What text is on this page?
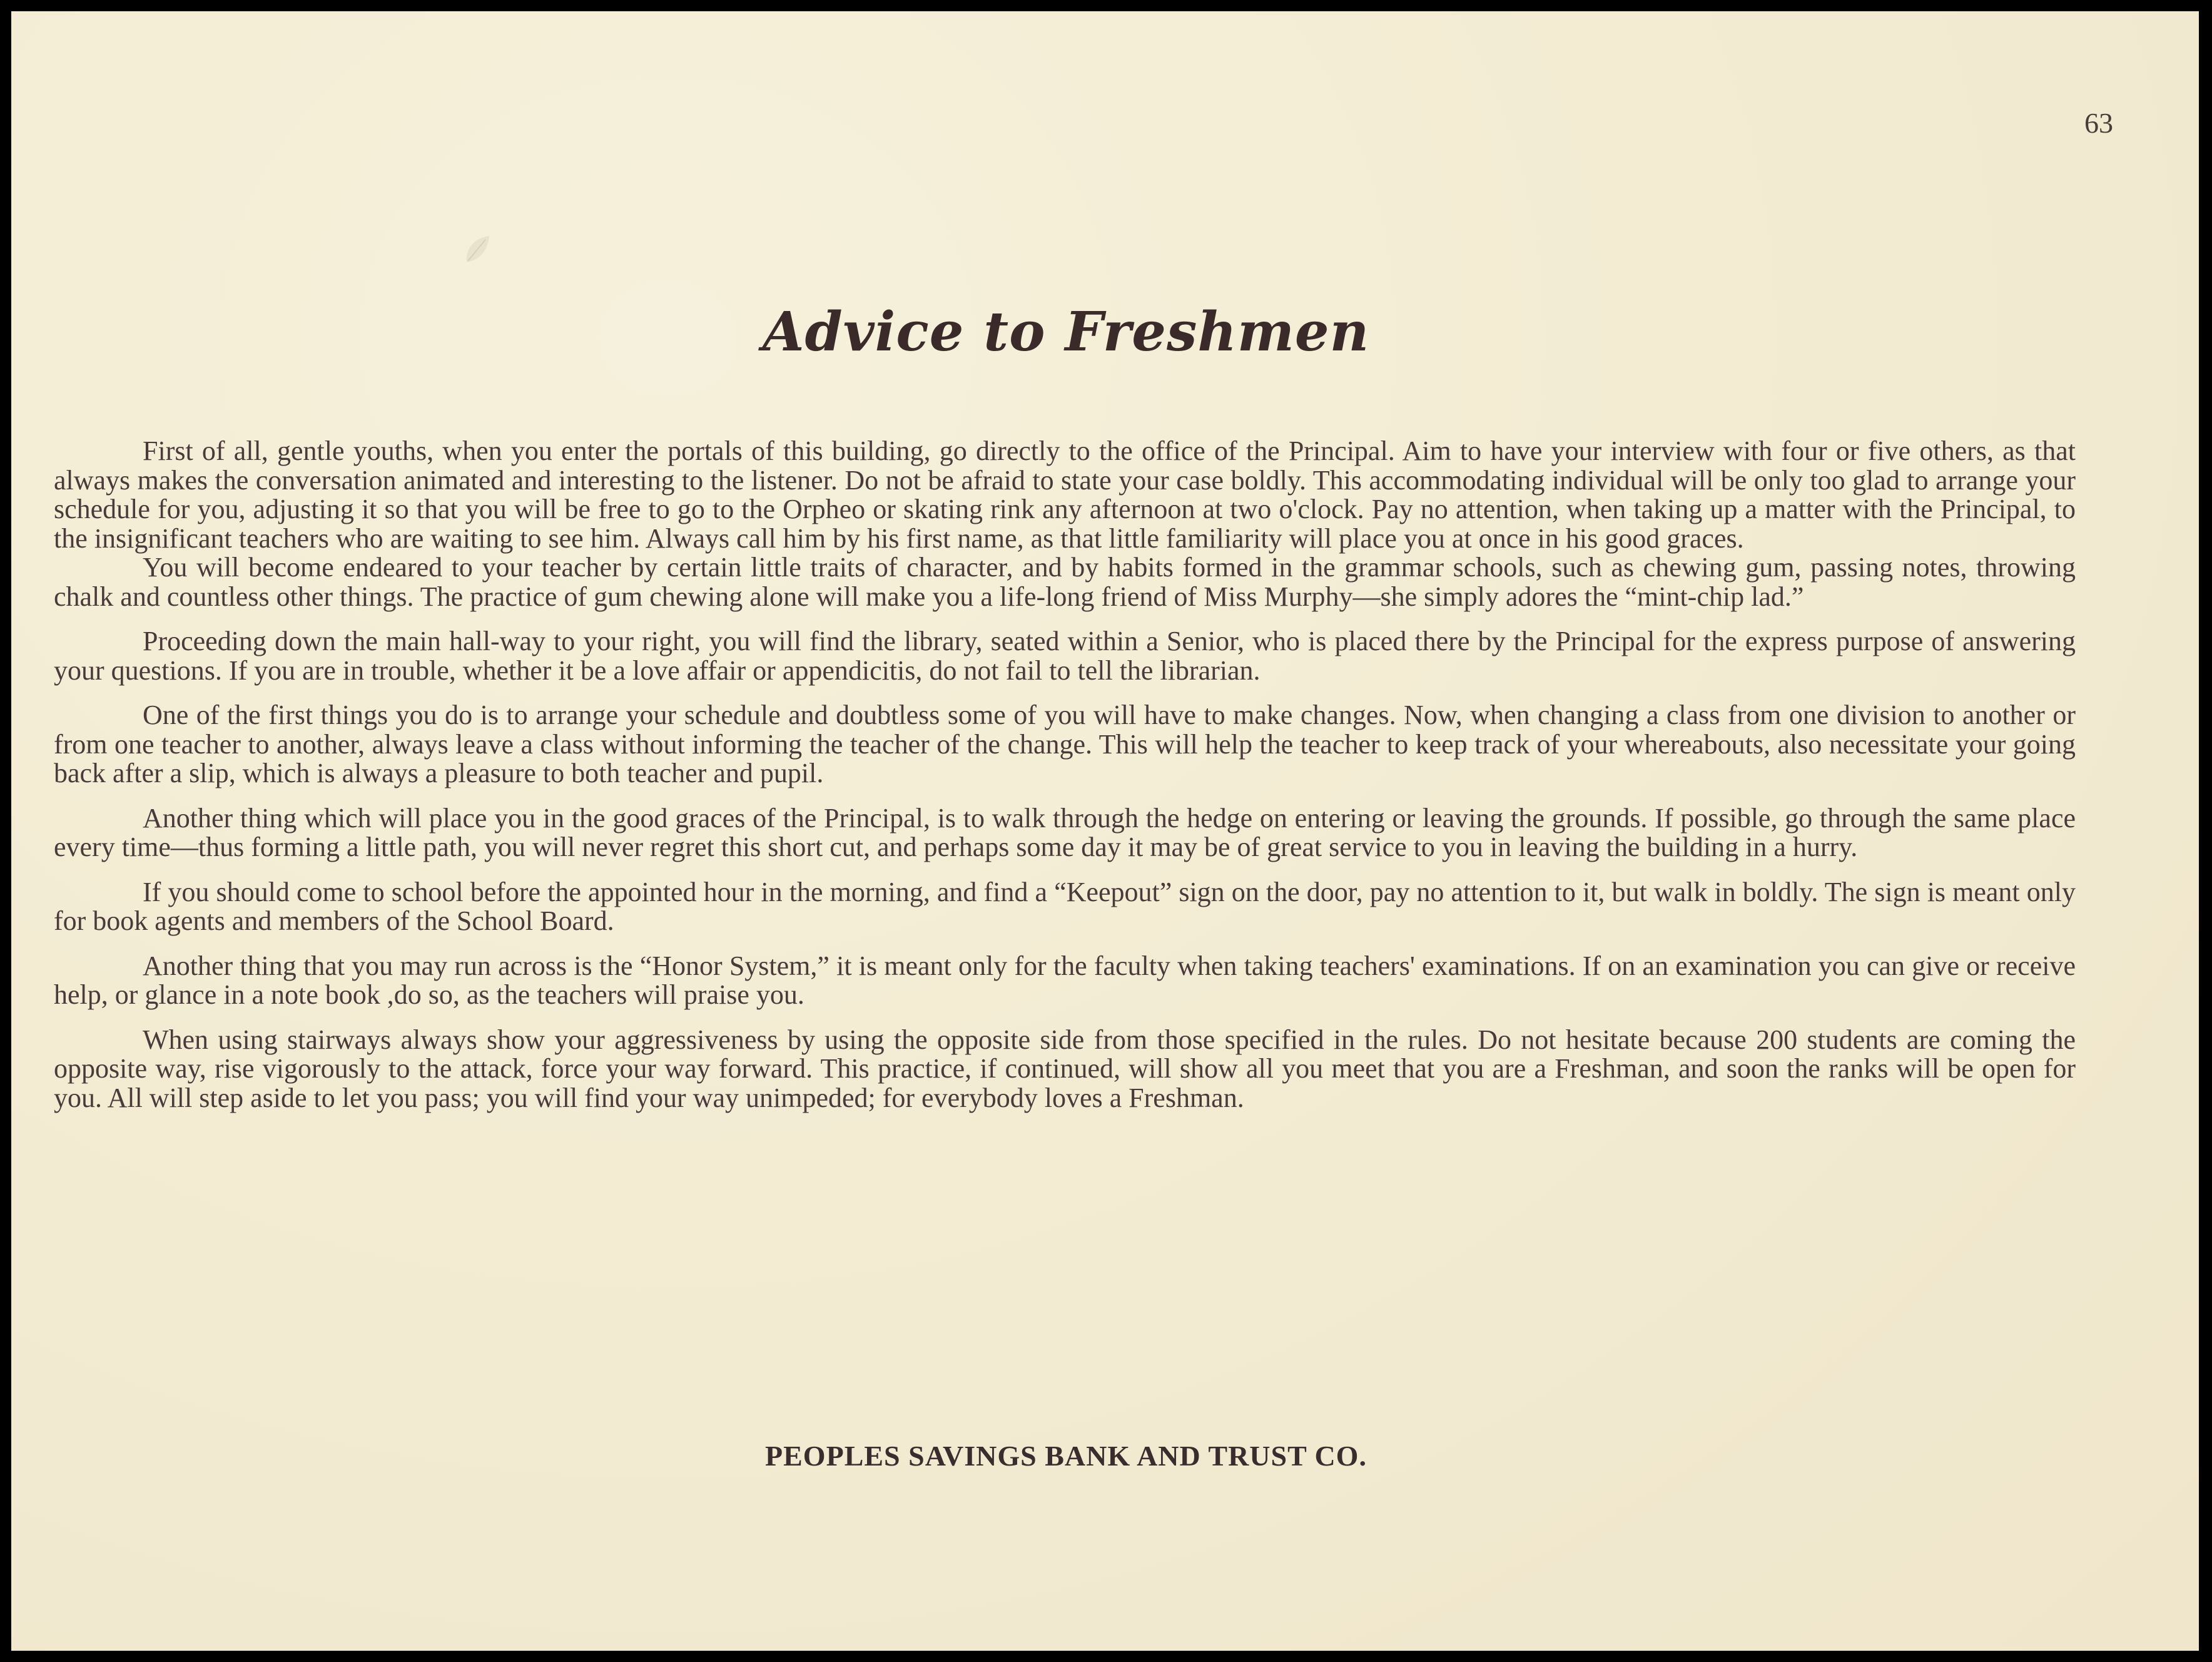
63
Advice to Freshmen

First of all, gentle youths, when you enter the portals of this building, go directly to the office of the Principal. Aim to have your interview with four or five others, as that always makes the conversation animated and interesting to the listener. Do not be afraid to state your case boldly. This accommodating individual will be only too glad to arrange your schedule for you, adjusting it so that you will be free to go to the Orpheo or skating rink any afternoon at two o'clock. Pay no attention, when taking up a matter with the Principal, to the insignificant teachers who are waiting to see him. Always call him by his first name, as that little familiarity will place you at once in his good graces.

You will become endeared to your teacher by certain little traits of character, and by habits formed in the grammar schools, such as chewing gum, passing notes, throwing chalk and countless other things. The practice of gum chewing alone will make you a life-long friend of Miss Murphy—she simply adores the “mint-chip lad.”

Proceeding down the main hall-way to your right, you will find the library, seated within a Senior, who is placed there by the Principal for the express purpose of answering your questions. If you are in trouble, whether it be a love affair or appendicitis, do not fail to tell the librarian.

One of the first things you do is to arrange your schedule and doubtless some of you will have to make changes. Now, when changing a class from one division to another or from one teacher to another, always leave a class without informing the teacher of the change. This will help the teacher to keep track of your whereabouts, also necessitate your going back after a slip, which is always a pleasure to both teacher and pupil.

Another thing which will place you in the good graces of the Principal, is to walk through the hedge on entering or leaving the grounds. If possible, go through the same place every time—thus forming a little path, you will never regret this short cut, and perhaps some day it may be of great service to you in leaving the building in a hurry.

If you should come to school before the appointed hour in the morning, and find a “Keepout” sign on the door, pay no attention to it, but walk in boldly. The sign is meant only for book agents and members of the School Board.

Another thing that you may run across is the “Honor System,” it is meant only for the faculty when taking teachers' examinations. If on an examination you can give or receive help, or glance in a note book ,do so, as the teachers will praise you.

When using stairways always show your aggressiveness by using the opposite side from those specified in the rules. Do not hesitate because 200 students are coming the opposite way, rise vigorously to the attack, force your way forward. This practice, if continued, will show all you meet that you are a Freshman, and soon the ranks will be open for you. All will step aside to let you pass; you will find your way unimpeded; for everybody loves a Freshman.

PEOPLES SAVINGS BANK AND TRUST CO.
